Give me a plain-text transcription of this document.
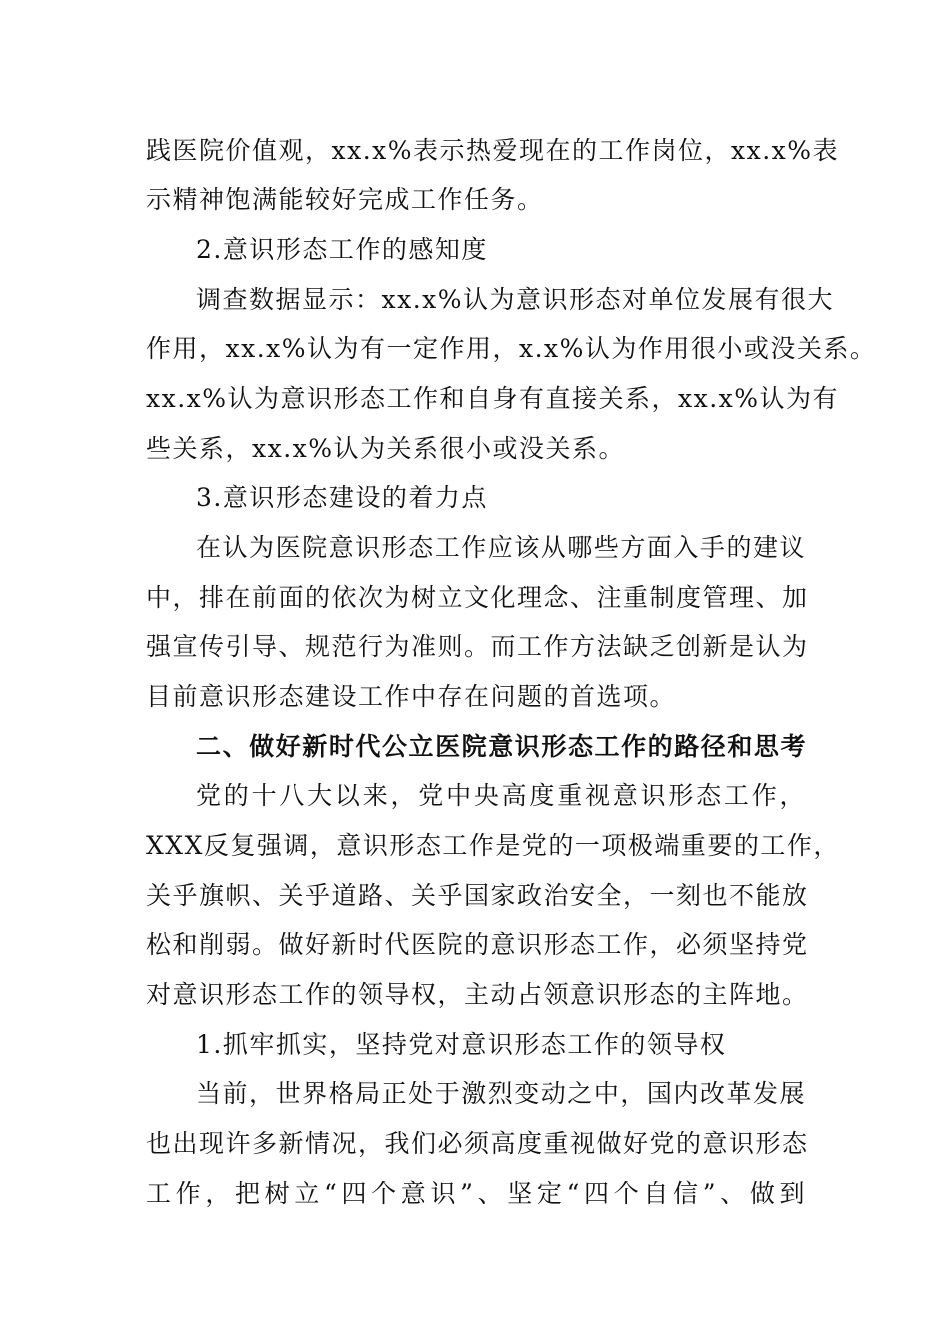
践医院价值观，xx.x%表示热爱现在的工作岗位，xx.x%表
示精神饱满能较好完成工作任务。
2.意识形态工作的感知度
调查数据显示：xx.x%认为意识形态对单位发展有很大
作用，xx.x%认为有一定作用，x.x%认为作用很小或没关系。
xx.x%认为意识形态工作和自身有直接关系，xx.x%认为有
些关系，xx.x%认为关系很小或没关系。
3.意识形态建设的着力点
在认为医院意识形态工作应该从哪些方面入手的建议
中，排在前面的依次为树立文化理念、注重制度管理、加
强宣传引导、规范行为准则。而工作方法缺乏创新是认为
目前意识形态建设工作中存在问题的首选项。
二、做好新时代公立医院意识形态工作的路径和思考
党的十八大以来，党中央高度重视意识形态工作，
XXX反复强调，意识形态工作是党的一项极端重要的工作，
关乎旗帜、关乎道路、关乎国家政治安全，一刻也不能放
松和削弱。做好新时代医院的意识形态工作，必须坚持党
对意识形态工作的领导权，主动占领意识形态的主阵地。
1.抓牢抓实，坚持党对意识形态工作的领导权
当前，世界格局正处于激烈变动之中，国内改革发展
也出现许多新情况，我们必须高度重视做好党的意识形态
工作，把树立“四个意识”、坚定“四个自信”、做到
